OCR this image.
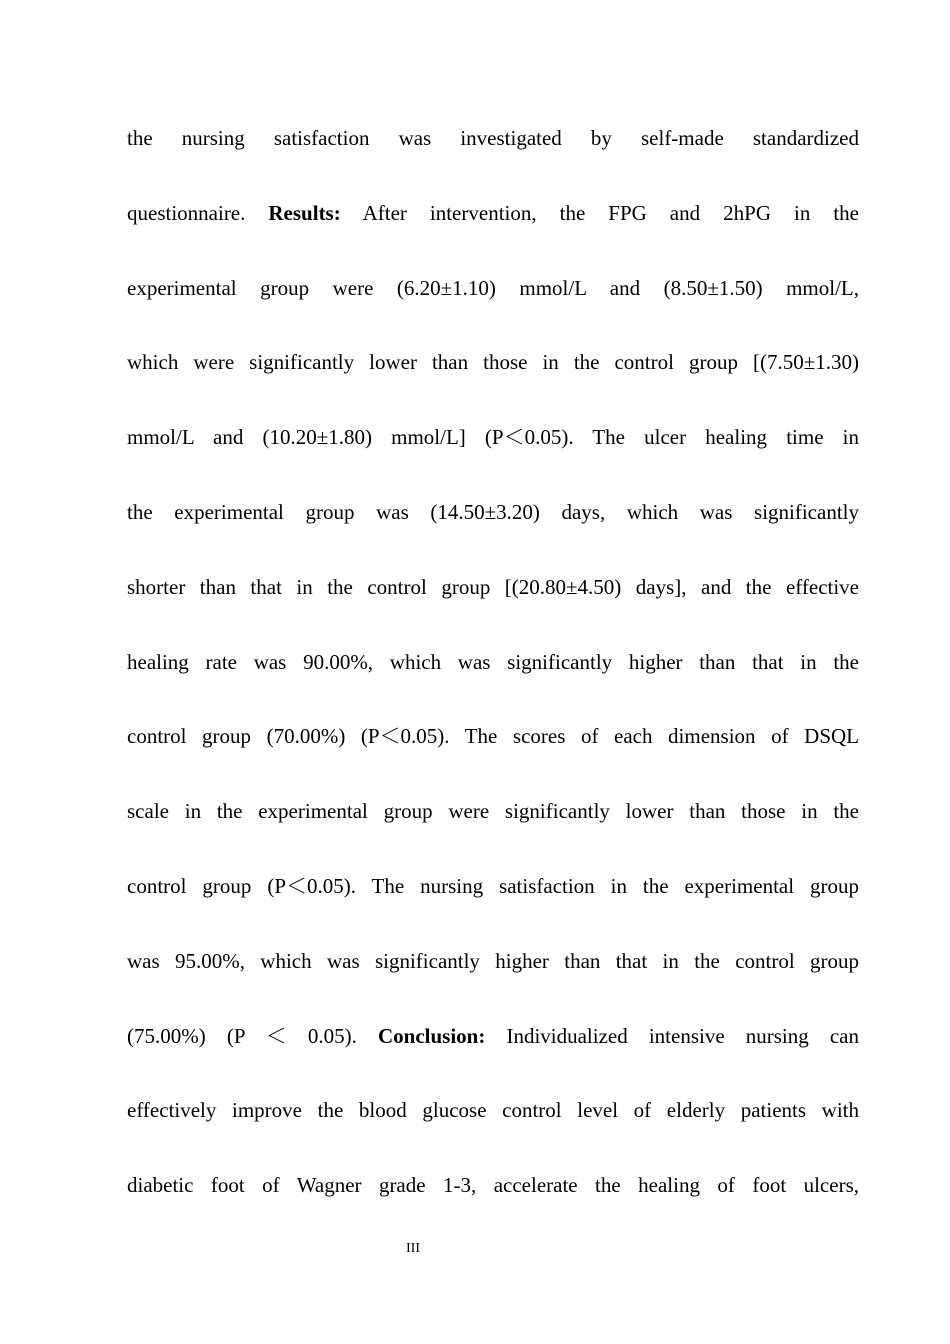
the nursing satisfaction was investigated by self-made standardized
questionnaire. Results: After intervention, the FPG and 2hPG in the
experimental group were (6.20±1.10) mmol/L and (8.50±1.50) mmol/L,
which were significantly lower than those in the control group [(7.50±1.30)
mmol/L and (10.20±1.80) mmol/L] (P＜0.05). The ulcer healing time in
the experimental group was (14.50±3.20) days, which was significantly
shorter than that in the control group [(20.80±4.50) days], and the effective
healing rate was 90.00%, which was significantly higher than that in the
control group (70.00%) (P＜0.05). The scores of each dimension of DSQL
scale in the experimental group were significantly lower than those in the
control group (P＜0.05). The nursing satisfaction in the experimental group
was 95.00%, which was significantly higher than that in the control group
(75.00%) (P ＜ 0.05). Conclusion: Individualized intensive nursing can
effectively improve the blood glucose control level of elderly patients with
diabetic foot of Wagner grade 1-3, accelerate the healing of foot ulcers,
III
